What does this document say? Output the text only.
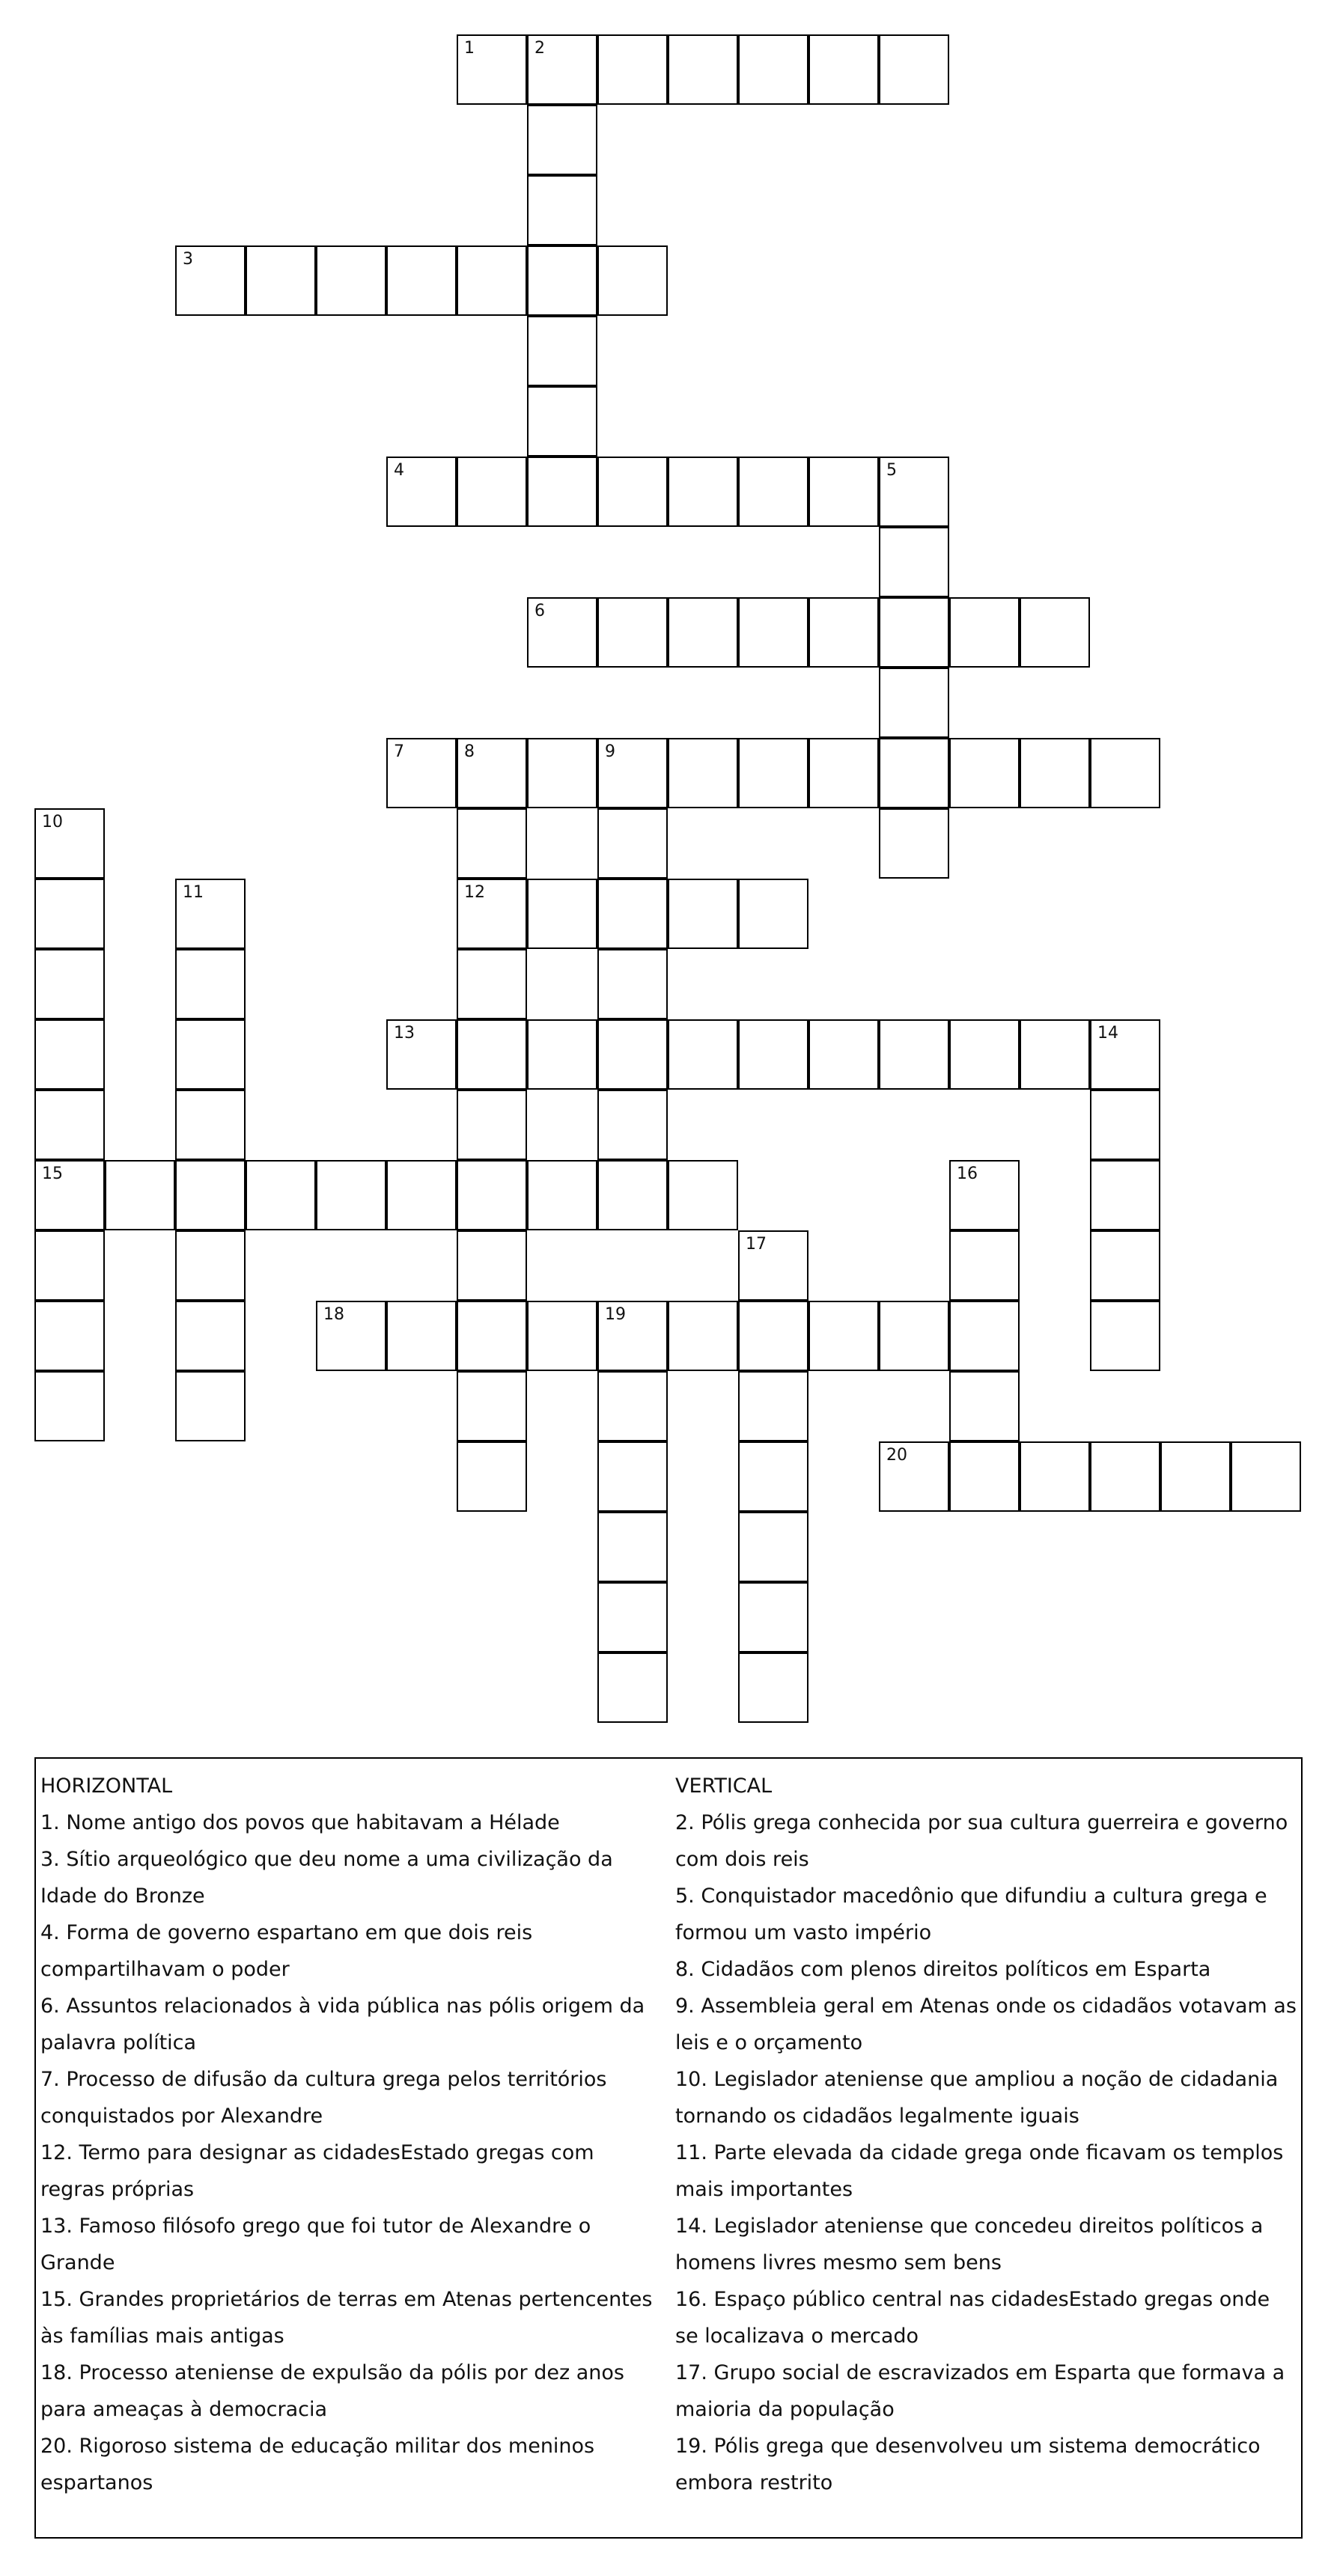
1	2
3
4	5
6
7	8	9
12
10
15
11
13	14
16
17
18	19
20
HORIZONTAL

1. Nome antigo dos povos que habitavam a Hélade

3. Sítio arqueológico que deu nome a uma civilização da Idade do Bronze

4. Forma de governo espartano em que dois reis compartilhavam o poder

6. Assuntos relacionados à vida pública nas pólis origem da palavra política

7. Processo de difusão da cultura grega pelos territórios conquistados por Alexandre

12. Termo para designar as cidadesEstado gregas com regras próprias

13. Famoso filósofo grego que foi tutor de Alexandre o Grande

15. Grandes proprietários de terras em Atenas pertencentes às famílias mais antigas

18. Processo ateniense de expulsão da pólis por dez anos para ameaças à democracia

20. Rigoroso sistema de educação militar dos meninos espartanos

VERTICAL

2. Pólis grega conhecida por sua cultura guerreira e governo com dois reis

5. Conquistador macedônio que difundiu a cultura grega e formou um vasto império

8. Cidadãos com plenos direitos políticos em Esparta

9. Assembleia geral em Atenas onde os cidadãos votavam as leis e o orçamento

10. Legislador ateniense que ampliou a noção de cidadania tornando os cidadãos legalmente iguais

11. Parte elevada da cidade grega onde ficavam os templos mais importantes

14. Legislador ateniense que concedeu direitos políticos a homens livres mesmo sem bens

16. Espaço público central nas cidadesEstado gregas onde se localizava o mercado

17. Grupo social de escravizados em Esparta que formava a maioria da população

19. Pólis grega que desenvolveu um sistema democrático embora restrito
